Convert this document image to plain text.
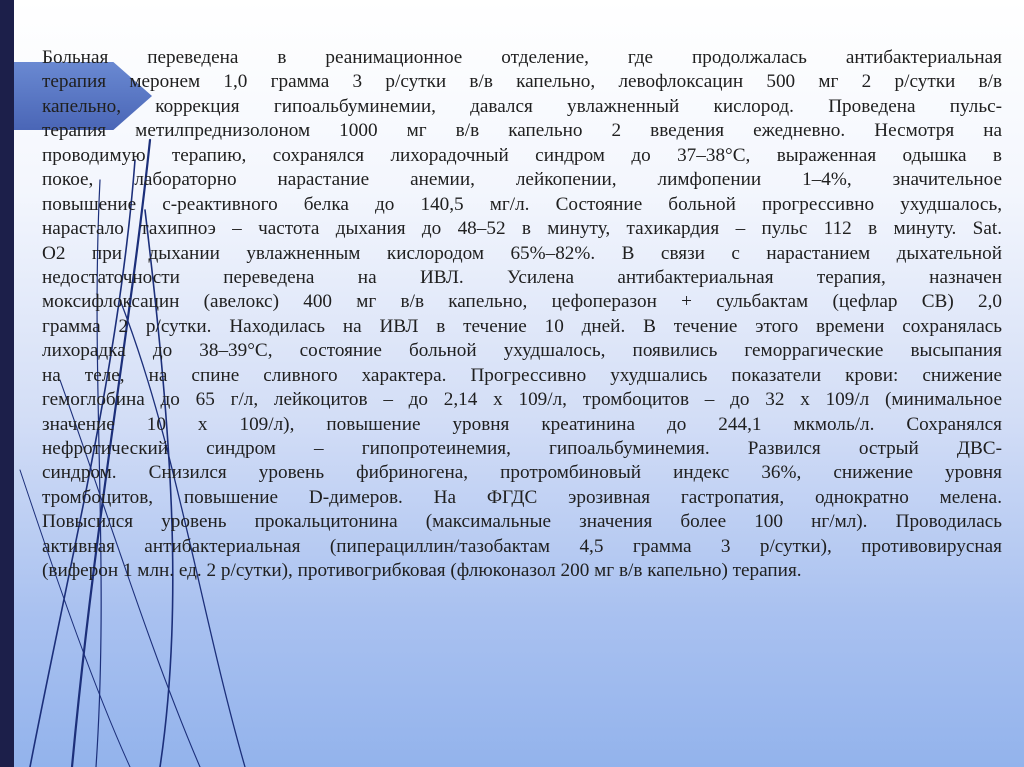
Больная переведена в реанимационное отделение, где продолжалась антибактериальная
терапия меронем 1,0 грамма 3 р/сутки в/в капельно, левофлоксацин 500 мг 2 р/сутки в/в
капельно, коррекция гипоальбуминемии, давался увлажненный кислород. Проведена пульс-
терапия метилпреднизолоном 1000 мг в/в капельно 2 введения ежедневно. Несмотря на
проводимую терапию, сохранялся лихорадочный синдром до 37–38°С, выраженная одышка в
покое, лабораторно нарастание анемии, лейкопении, лимфопении 1–4%, значительное
повышение с-реактивного белка до 140,5 мг/л. Состояние больной прогрессивно ухудшалось,
нарастало тахипноэ – частота дыхания до 48–52 в минуту, тахикардия – пульс 112 в минуту. Sat.
О2 при дыхании увлажненным кислородом 65%–82%. В связи с нарастанием дыхательной
недостаточности переведена на ИВЛ. Усилена антибактериальная терапия, назначен
моксифлоксацин (авелокс) 400 мг в/в капельно, цефоперазон + сульбактам (цефлар СВ) 2,0
грамма 2 р/сутки. Находилась на ИВЛ в течение 10 дней. В течение этого времени сохранялась
лихорадка до 38–39°С, состояние больной ухудшалось, появились геморрагические высыпания
на теле, на спине сливного характера. Прогрессивно ухудшались показатели крови: снижение
гемоглобина до 65 г/л, лейкоцитов – до 2,14 х 109/л, тромбоцитов – до 32 х 109/л (минимальное
значение 10 х 109/л), повышение уровня креатинина до 244,1 мкмоль/л. Сохранялся
нефротический синдром – гипопротеинемия, гипоальбуминемия. Развился острый ДВС-
синдром. Снизился уровень фибриногена, протромбиновый индекс 36%, снижение уровня
тромбоцитов, повышение D-димеров. На ФГДС эрозивная гастропатия, однократно мелена.
Повысился уровень прокальцитонина (максимальные значения более 100 нг/мл). Проводилась
активная антибактериальная (пиперациллин/тазобактам 4,5 грамма 3 р/сутки), противовирусная
(виферон 1 млн. ед. 2 р/сутки), противогрибковая (флюконазол 200 мг в/в капельно) терапия.
